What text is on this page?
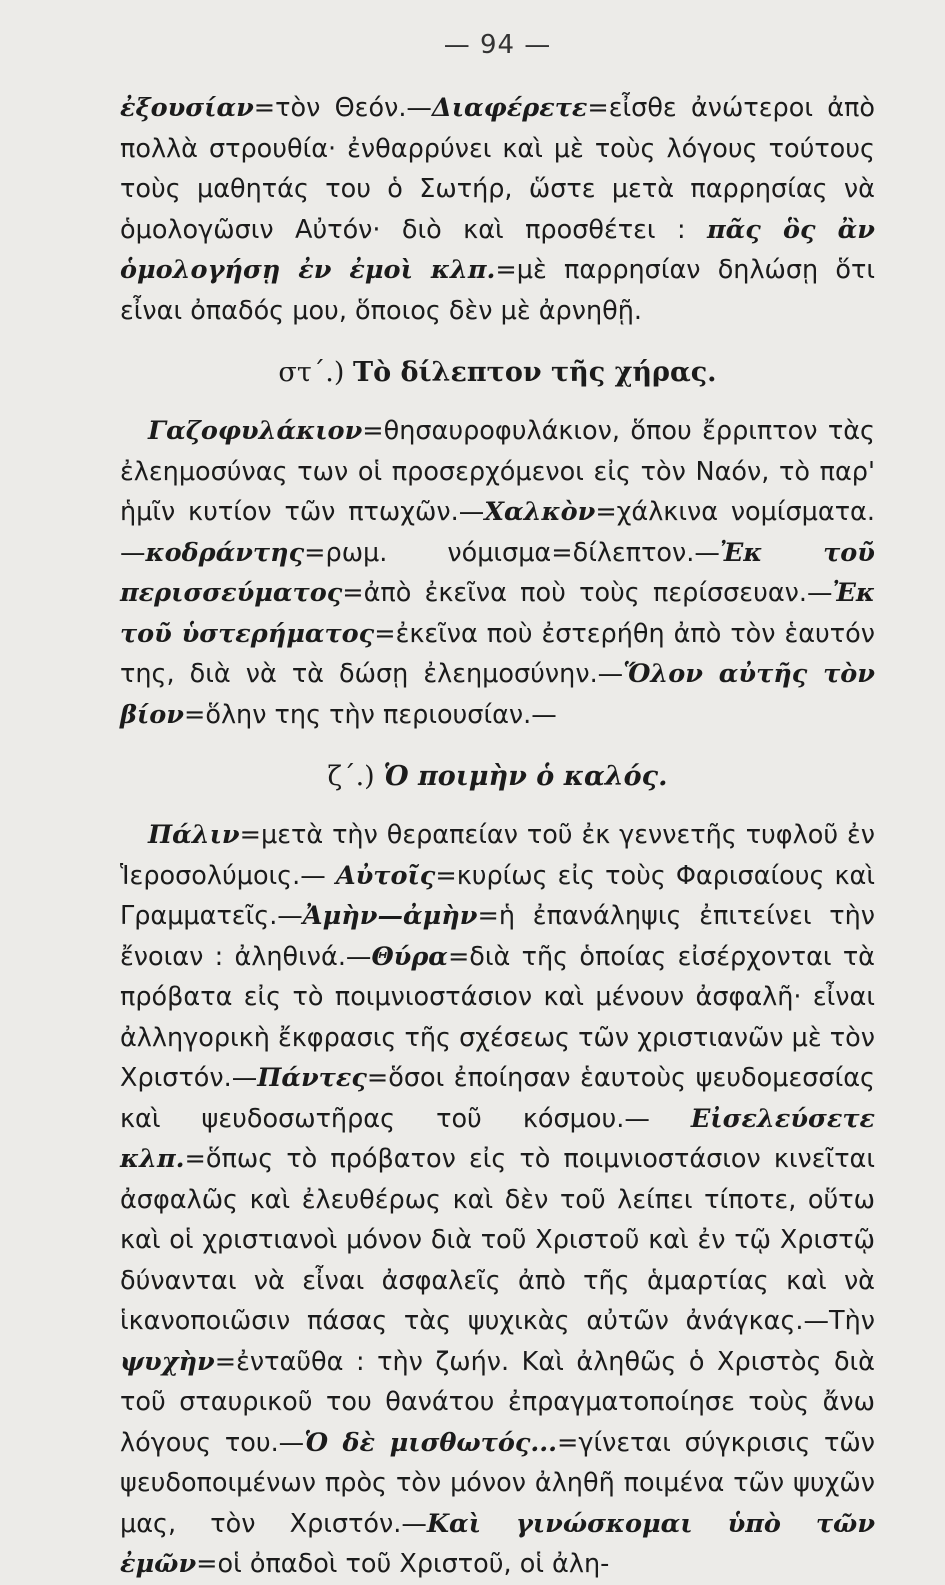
— 94 —

ἐξουσίαν=τὸν Θεόν.—Διαφέρετε=εἶσθε ἀνώτεροι ἀπὸ πολλὰ στρουθία· ἐνθαρρύνει καὶ μὲ τοὺς λόγους τούτους τοὺς μαθητάς του ὁ Σωτήρ, ὥστε μετὰ παρρησίας νὰ ὁμολογῶσιν Αὐτόν· διὸ καὶ προσθέτει : πᾶς ὃς ἂν ὁμολογήσῃ ἐν ἐμοὶ κλπ.=μὲ παρρησίαν δηλώσῃ ὅτι εἶναι ὀπαδός μου, ὅποιος δὲν μὲ ἀρνηθῇ.

στ΄.) Τὸ δίλεπτον τῆς χήρας.

Γαζοφυλάκιον=θησαυροφυλάκιον, ὅπου ἔρριπτον τὰς ἐλεημοσύνας των οἱ προσερχόμενοι εἰς τὸν Ναόν, τὸ παρ' ἡμῖν κυτίον τῶν πτωχῶν.—Χαλκὸν=χάλκινα νομίσματα.—κοδράντης=ρωμ. νόμισμα=δίλεπτον.—Ἐκ τοῦ περισσεύματος=ἀπὸ ἐκεῖνα ποὺ τοὺς περίσσευαν.—Ἐκ τοῦ ὑστερήματος=ἐκεῖνα ποὺ ἐστερήθη ἀπὸ τὸν ἑαυτόν της, διὰ νὰ τὰ δώσῃ ἐλεημοσύνην.—Ὅλον αὐτῆς τὸν βίον=ὅλην της τὴν περιουσίαν.—

ζ΄.) Ὁ ποιμὴν ὁ καλός.

Πάλιν=μετὰ τὴν θεραπείαν τοῦ ἐκ γεννετῆς τυφλοῦ ἐν Ἱεροσολύμοις.— Αὐτοῖς=κυρίως εἰς τοὺς Φαρισαίους καὶ Γραμματεῖς.—Ἀμὴν—ἀμὴν=ἡ ἐπανάληψις ἐπιτείνει τὴν ἔνοιαν : ἀληθινά.—Θύρα=διὰ τῆς ὁποίας εἰσέρχονται τὰ πρόβατα εἰς τὸ ποιμνιοστάσιον καὶ μένουν ἀσφαλῆ· εἶναι ἀλληγορικὴ ἔκφρασις τῆς σχέσεως τῶν χριστιανῶν μὲ τὸν Χριστόν.—Πάντες=ὅσοι ἐποίησαν ἑαυτοὺς ψευδομεσσίας καὶ ψευδοσωτῆρας τοῦ κόσμου.— Εἰσελεύσετε κλπ.=ὅπως τὸ πρόβατον εἰς τὸ ποιμνιοστάσιον κινεῖται ἀσφαλῶς καὶ ἐλευθέρως καὶ δὲν τοῦ λείπει τίποτε, οὕτω καὶ οἱ χριστιανοὶ μόνον διὰ τοῦ Χριστοῦ καὶ ἐν τῷ Χριστῷ δύνανται νὰ εἶναι ἀσφαλεῖς ἀπὸ τῆς ἁμαρτίας καὶ νὰ ἱκανοποιῶσιν πάσας τὰς ψυχικὰς αὐτῶν ἀνάγκας.—Τὴν ψυχὴν=ἐνταῦθα : τὴν ζωήν. Καὶ ἀληθῶς ὁ Χριστὸς διὰ τοῦ σταυρικοῦ του θανάτου ἐπραγματοποίησε τοὺς ἄνω λόγους του.—Ὁ δὲ μισθωτός...=γίνεται σύγκρισις τῶν ψευδοποιμένων πρὸς τὸν μόνον ἀληθῆ ποιμένα τῶν ψυχῶν μας, τὸν Χριστόν.—Καὶ γινώσκομαι ὑπὸ τῶν ἐμῶν=οἱ ὀπαδοὶ τοῦ Χριστοῦ, οἱ ἀλη-
